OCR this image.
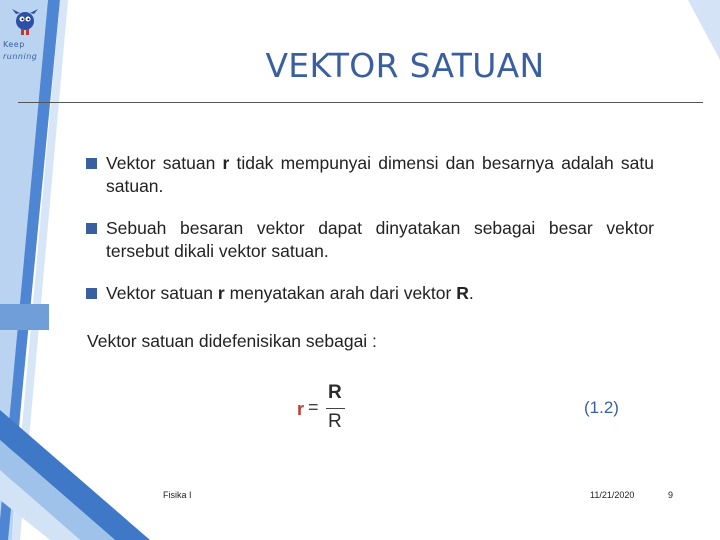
Keep
running	VEKTOR SATUAN
Vektor satuan r tidak mempunyai dimensi dan besarnya adalah satu satuan.
Sebuah besaran vektor dapat dinyatakan sebagai besar vektor tersebut dikali vektor satuan.
Vektor satuan r menyatakan arah dari vektor R.
Vektor satuan didefenisikan sebagai :
r =
R
R
(1.2)
Fisika I	11/21/2020	9
